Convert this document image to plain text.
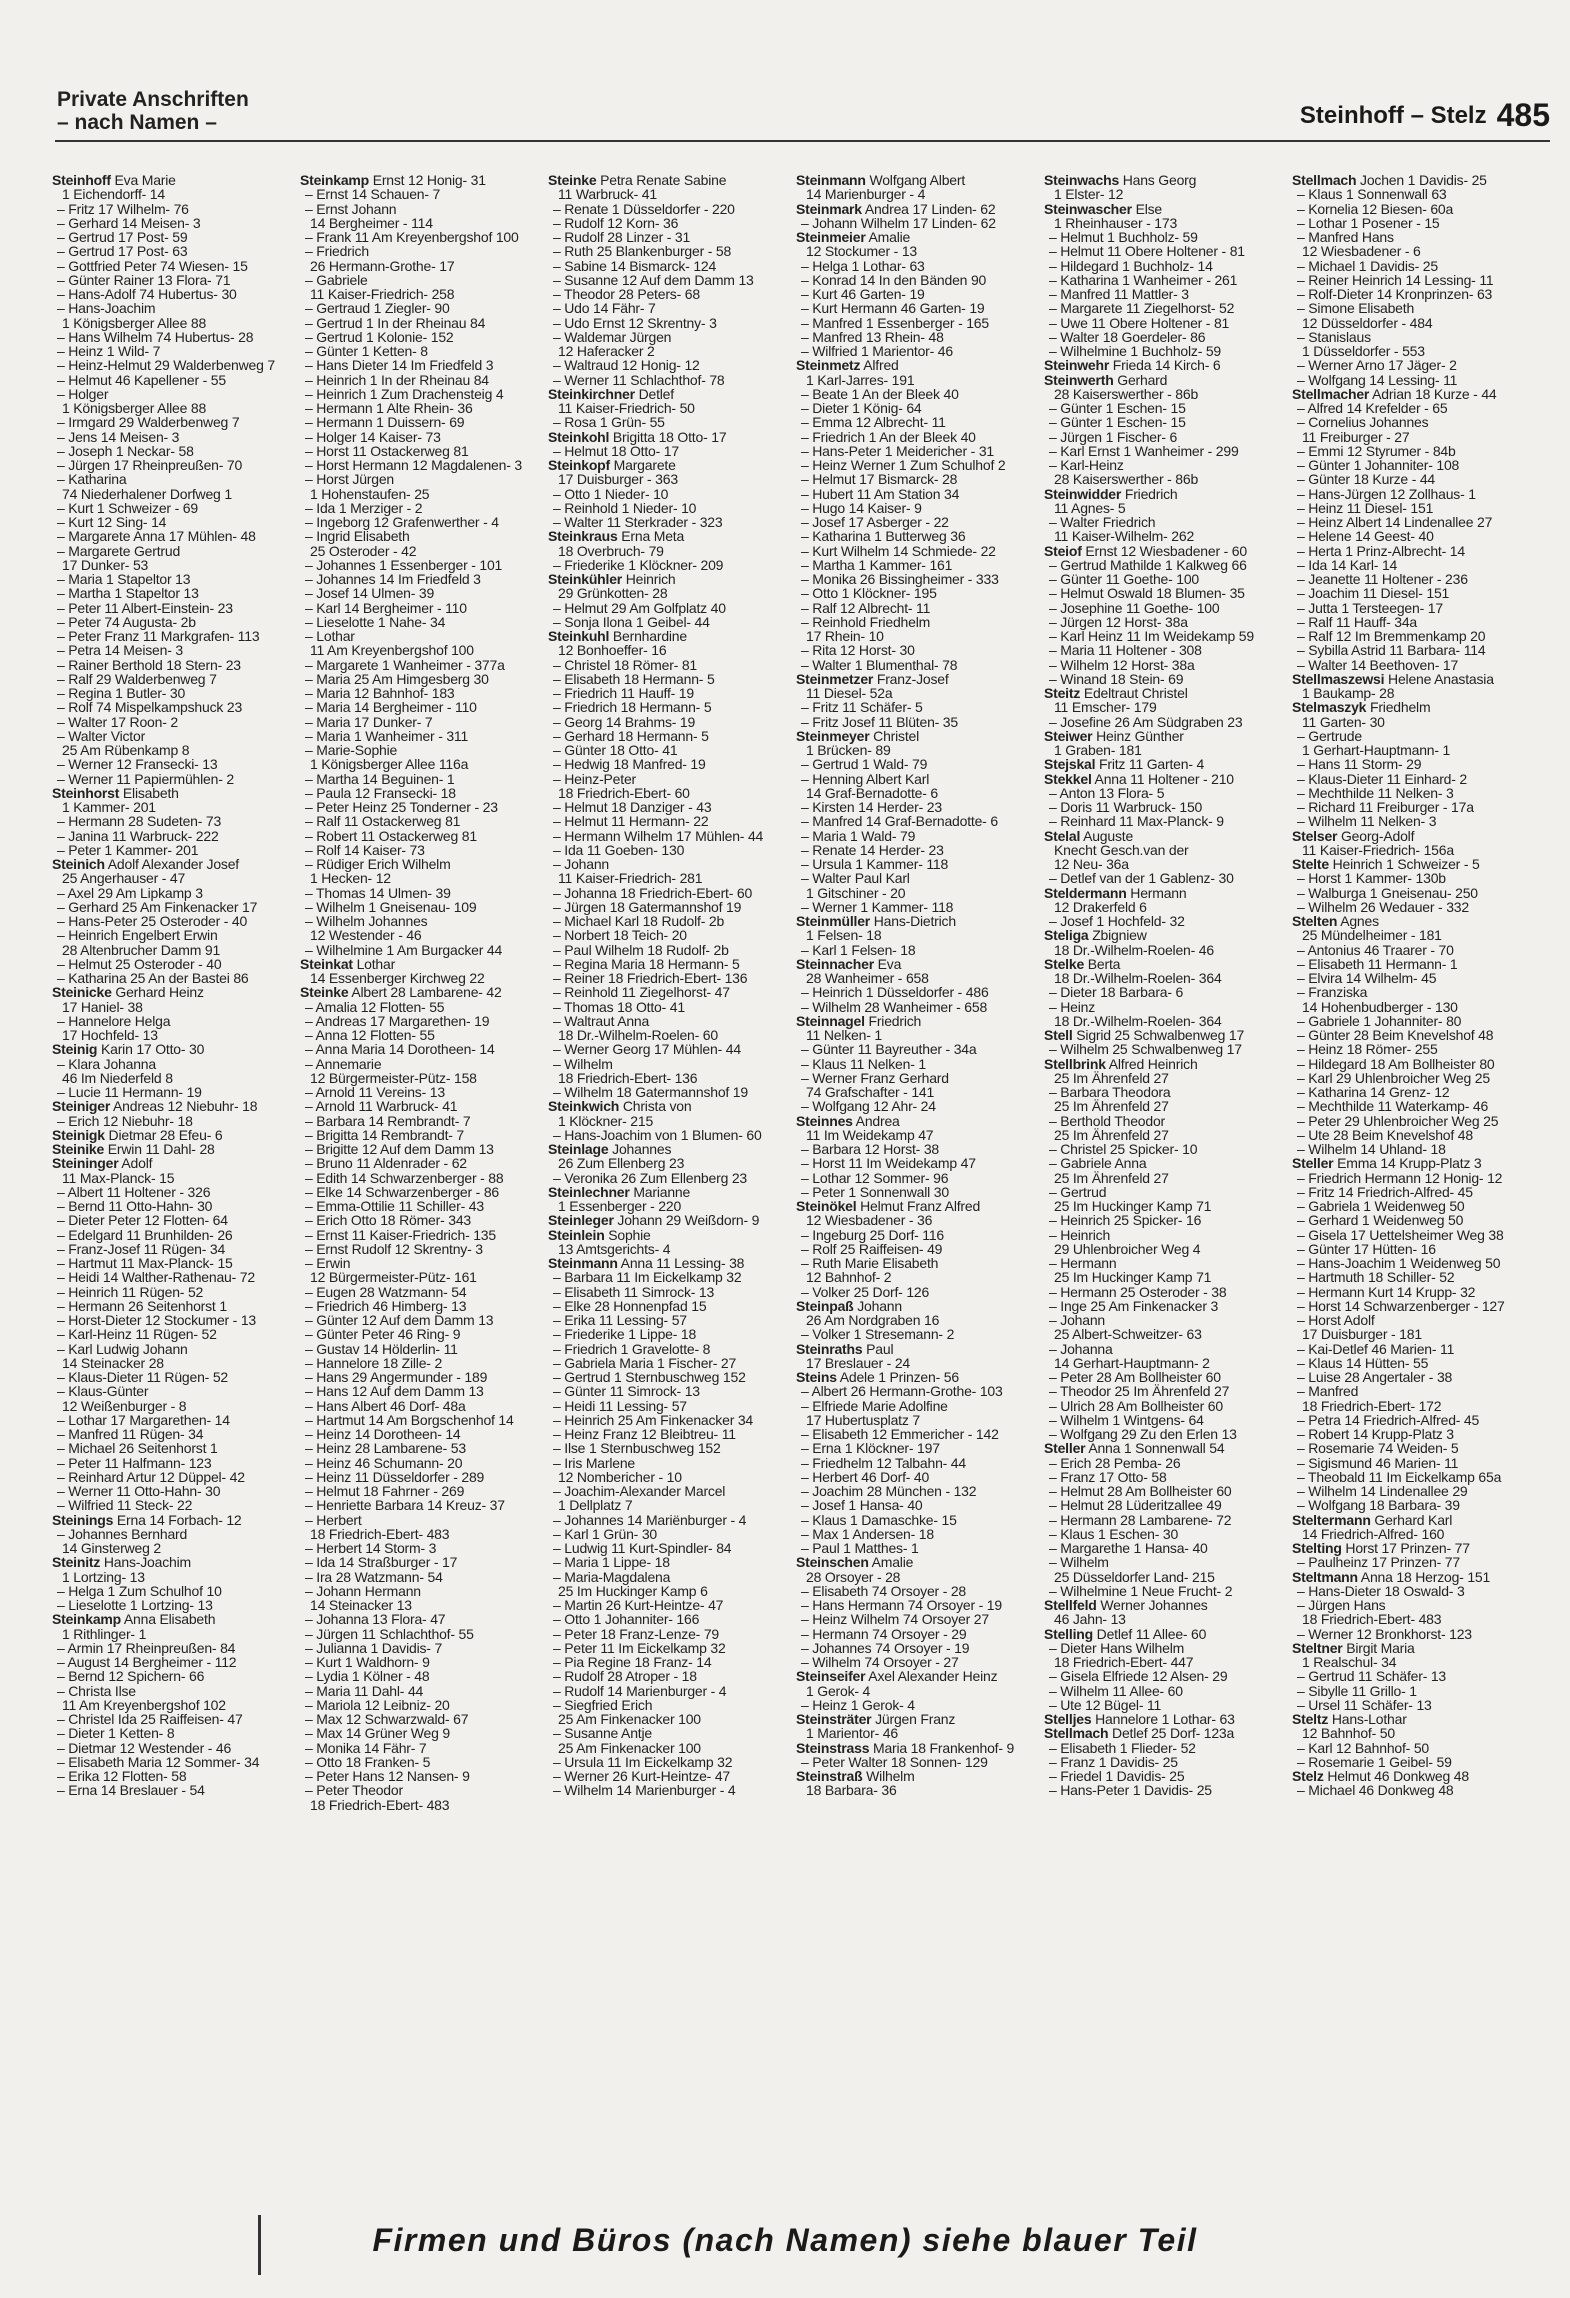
Private Anschriften
– nach Namen –	Steinhoff – Stelz 485
Steinhoff Eva Marie
1 Eichendorff- 14
– Fritz 17 Wilhelm- 76
– Gerhard 14 Meisen- 3
– Gertrud 17 Post- 59
– Gertrud 17 Post- 63
– Gottfried Peter 74 Wiesen- 15
– Günter Rainer 13 Flora- 71
– Hans-Adolf 74 Hubertus- 30
– Hans-Joachim
1 Königsberger Allee 88
– Hans Wilhelm 74 Hubertus- 28
– Heinz 1 Wild- 7
– Heinz-Helmut 29 Walderbenweg 7
– Helmut 46 Kapellener - 55
– Holger
1 Königsberger Allee 88
– Irmgard 29 Walderbenweg 7
– Jens 14 Meisen- 3
– Joseph 1 Neckar- 58
– Jürgen 17 Rheinpreußen- 70
– Katharina
74 Niederhalener Dorfweg 1
– Kurt 1 Schweizer - 69
– Kurt 12 Sing- 14
– Margarete Anna 17 Mühlen- 48
– Margarete Gertrud
17 Dunker- 53
– Maria 1 Stapeltor 13
– Martha 1 Stapeltor 13
– Peter 11 Albert-Einstein- 23
– Peter 74 Augusta- 2b
– Peter Franz 11 Markgrafen- 113
– Petra 14 Meisen- 3
– Rainer Berthold 18 Stern- 23
– Ralf 29 Walderbenweg 7
– Regina 1 Butler- 30
– Rolf 74 Mispelkampshuck 23
– Walter 17 Roon- 2
– Walter Victor
25 Am Rübenkamp 8
– Werner 12 Fransecki- 13
– Werner 11 Papiermühlen- 2
Steinhorst Elisabeth
1 Kammer- 201
– Hermann 28 Sudeten- 73
– Janina 11 Warbruck- 222
– Peter 1 Kammer- 201
Steinich Adolf Alexander Josef
25 Angerhauser - 47
– Axel 29 Am Lipkamp 3
– Gerhard 25 Am Finkenacker 17
– Hans-Peter 25 Osteroder - 40
– Heinrich Engelbert Erwin
28 Altenbrucher Damm 91
– Helmut 25 Osteroder - 40
– Katharina 25 An der Bastei 86
Steinicke Gerhard Heinz
17 Haniel- 38
– Hannelore Helga
17 Hochfeld- 13
Steinig Karin 17 Otto- 30
– Klara Johanna
46 Im Niederfeld 8
– Lucie 11 Hermann- 19
Steiniger Andreas 12 Niebuhr- 18
– Erich 12 Niebuhr- 18
Steinigk Dietmar 28 Efeu- 6
Steinike Erwin 11 Dahl- 28
Steininger Adolf
11 Max-Planck- 15
– Albert 11 Holtener - 326
– Bernd 11 Otto-Hahn- 30
– Dieter Peter 12 Flotten- 64
– Edelgard 11 Brunhilden- 26
– Franz-Josef 11 Rügen- 34
– Hartmut 11 Max-Planck- 15
– Heidi 14 Walther-Rathenau- 72
– Heinrich 11 Rügen- 52
– Hermann 26 Seitenhorst 1
– Horst-Dieter 12 Stockumer - 13
– Karl-Heinz 11 Rügen- 52
– Karl Ludwig Johann
14 Steinacker 28
– Klaus-Dieter 11 Rügen- 52
– Klaus-Günter
12 Weißenburger - 8
– Lothar 17 Margarethen- 14
– Manfred 11 Rügen- 34
– Michael 26 Seitenhorst 1
– Peter 11 Halfmann- 123
– Reinhard Artur 12 Düppel- 42
– Werner 11 Otto-Hahn- 30
– Wilfried 11 Steck- 22
Steinings Erna 14 Forbach- 12
– Johannes Bernhard
14 Ginsterweg 2
Steinitz Hans-Joachim
1 Lortzing- 13
– Helga 1 Zum Schulhof 10
– Lieselotte 1 Lortzing- 13
Steinkamp Anna Elisabeth
1 Rithlinger- 1
– Armin 17 Rheinpreußen- 84
– August 14 Bergheimer - 112
– Bernd 12 Spichern- 66
– Christa Ilse
11 Am Kreyenbergshof 102
– Christel Ida 25 Raiffeisen- 47
– Dieter 1 Ketten- 8
– Dietmar 12 Westender - 46
– Elisabeth Maria 12 Sommer- 34
– Erika 12 Flotten- 58
– Erna 14 Breslauer - 54
Steinkamp Ernst 12 Honig- 31
– Ernst 14 Schauen- 7
– Ernst Johann
14 Bergheimer - 114
– Frank 11 Am Kreyenbergshof 100
– Friedrich
26 Hermann-Grothe- 17
– Gabriele
11 Kaiser-Friedrich- 258
– Gertraud 1 Ziegler- 90
– Gertrud 1 In der Rheinau 84
– Gertrud 1 Kolonie- 152
– Günter 1 Ketten- 8
– Hans Dieter 14 Im Friedfeld 3
– Heinrich 1 In der Rheinau 84
– Heinrich 1 Zum Drachensteig 4
– Hermann 1 Alte Rhein- 36
– Hermann 1 Duissern- 69
– Holger 14 Kaiser- 73
– Horst 11 Ostackerweg 81
– Horst Hermann 12 Magdalenen- 3
– Horst Jürgen
1 Hohenstaufen- 25
– Ida 1 Merziger - 2
– Ingeborg 12 Grafenwerther - 4
– Ingrid Elisabeth
25 Osteroder - 42
– Johannes 1 Essenberger - 101
– Johannes 14 Im Friedfeld 3
– Josef 14 Ulmen- 39
– Karl 14 Bergheimer - 110
– Lieselotte 1 Nahe- 34
– Lothar
11 Am Kreyenbergshof 100
– Margarete 1 Wanheimer - 377a
– Maria 25 Am Himgesberg 30
– Maria 12 Bahnhof- 183
– Maria 14 Bergheimer - 110
– Maria 17 Dunker- 7
– Maria 1 Wanheimer - 311
– Marie-Sophie
1 Königsberger Allee 116a
– Martha 14 Beguinen- 1
– Paula 12 Fransecki- 18
– Peter Heinz 25 Tonderner - 23
– Ralf 11 Ostackerweg 81
– Robert 11 Ostackerweg 81
– Rolf 14 Kaiser- 73
– Rüdiger Erich Wilhelm
1 Hecken- 12
– Thomas 14 Ulmen- 39
– Wilhelm 1 Gneisenau- 109
– Wilhelm Johannes
12 Westender - 46
– Wilhelmine 1 Am Burgacker 44
Steinkat Lothar
14 Essenberger Kirchweg 22
Steinke Albert 28 Lambarene- 42
– Amalia 12 Flotten- 55
– Andreas 17 Margarethen- 19
– Anna 12 Flotten- 55
– Anna Maria 14 Dorotheen- 14
– Annemarie
12 Bürgermeister-Pütz- 158
– Arnold 11 Vereins- 13
– Arnold 11 Warbruck- 41
– Barbara 14 Rembrandt- 7
– Brigitta 14 Rembrandt- 7
– Brigitte 12 Auf dem Damm 13
– Bruno 11 Aldenrader - 62
– Edith 14 Schwarzenberger - 88
– Elke 14 Schwarzenberger - 86
– Emma-Ottilie 11 Schiller- 43
– Erich Otto 18 Römer- 343
– Ernst 11 Kaiser-Friedrich- 135
– Ernst Rudolf 12 Skrentny- 3
– Erwin
12 Bürgermeister-Pütz- 161
– Eugen 28 Watzmann- 54
– Friedrich 46 Himberg- 13
– Günter 12 Auf dem Damm 13
– Günter Peter 46 Ring- 9
– Gustav 14 Hölderlin- 11
– Hannelore 18 Zille- 2
– Hans 29 Angermunder - 189
– Hans 12 Auf dem Damm 13
– Hans Albert 46 Dorf- 48a
– Hartmut 14 Am Borgschenhof 14
– Heinz 14 Dorotheen- 14
– Heinz 28 Lambarene- 53
– Heinz 46 Schumann- 20
– Heinz 11 Düsseldorfer - 289
– Helmut 18 Fahrner - 269
– Henriette Barbara 14 Kreuz- 37
– Herbert
18 Friedrich-Ebert- 483
– Herbert 14 Storm- 3
– Ida 14 Straßburger - 17
– Ira 28 Watzmann- 54
– Johann Hermann
14 Steinacker 13
– Johanna 13 Flora- 47
– Jürgen 11 Schlachthof- 55
– Julianna 1 Davidis- 7
– Kurt 1 Waldhorn- 9
– Lydia 1 Kölner - 48
– Maria 11 Dahl- 44
– Mariola 12 Leibniz- 20
– Max 12 Schwarzwald- 67
– Max 14 Grüner Weg 9
– Monika 14 Fähr- 7
– Otto 18 Franken- 5
– Peter Hans 12 Nansen- 9
– Peter Theodor
18 Friedrich-Ebert- 483
Steinke Petra Renate Sabine
11 Warbruck- 41
– Renate 1 Düsseldorfer - 220
– Rudolf 12 Korn- 36
– Rudolf 28 Linzer - 31
– Ruth 25 Blankenburger - 58
– Sabine 14 Bismarck- 124
– Susanne 12 Auf dem Damm 13
– Theodor 28 Peters- 68
– Udo 14 Fähr- 7
– Udo Ernst 12 Skrentny- 3
– Waldemar Jürgen
12 Haferacker 2
– Waltraud 12 Honig- 12
– Werner 11 Schlachthof- 78
Steinkirchner Detlef
11 Kaiser-Friedrich- 50
– Rosa 1 Grün- 55
Steinkohl Brigitta 18 Otto- 17
– Helmut 18 Otto- 17
Steinkopf Margarete
17 Duisburger - 363
– Otto 1 Nieder- 10
– Reinhold 1 Nieder- 10
– Walter 11 Sterkrader - 323
Steinkraus Erna Meta
18 Overbruch- 79
– Friederike 1 Klöckner- 209
Steinkühler Heinrich
29 Grünkotten- 28
– Helmut 29 Am Golfplatz 40
– Sonja Ilona 1 Geibel- 44
Steinkuhl Bernhardine
12 Bonhoeffer- 16
– Christel 18 Römer- 81
– Elisabeth 18 Hermann- 5
– Friedrich 11 Hauff- 19
– Friedrich 18 Hermann- 5
– Georg 14 Brahms- 19
– Gerhard 18 Hermann- 5
– Günter 18 Otto- 41
– Hedwig 18 Manfred- 19
– Heinz-Peter
18 Friedrich-Ebert- 60
– Helmut 18 Danziger - 43
– Helmut 11 Hermann- 22
– Hermann Wilhelm 17 Mühlen- 44
– Ida 11 Goeben- 130
– Johann
11 Kaiser-Friedrich- 281
– Johanna 18 Friedrich-Ebert- 60
– Jürgen 18 Gatermannshof 19
– Michael Karl 18 Rudolf- 2b
– Norbert 18 Teich- 20
– Paul Wilhelm 18 Rudolf- 2b
– Regina Maria 18 Hermann- 5
– Reiner 18 Friedrich-Ebert- 136
– Reinhold 11 Ziegelhorst- 47
– Thomas 18 Otto- 41
– Waltraut Anna
18 Dr.-Wilhelm-Roelen- 60
– Werner Georg 17 Mühlen- 44
– Wilhelm
18 Friedrich-Ebert- 136
– Wilhelm 18 Gatermannshof 19
Steinkwich Christa von
1 Klöckner- 215
– Hans-Joachim von 1 Blumen- 60
Steinlage Johannes
26 Zum Ellenberg 23
– Veronika 26 Zum Ellenberg 23
Steinlechner Marianne
1 Essenberger - 220
Steinleger Johann 29 Weißdorn- 9
Steinlein Sophie
13 Amtsgerichts- 4
Steinmann Anna 11 Lessing- 38
– Barbara 11 Im Eickelkamp 32
– Elisabeth 11 Simrock- 13
– Elke 28 Honnenpfad 15
– Erika 11 Lessing- 57
– Friederike 1 Lippe- 18
– Friedrich 1 Gravelotte- 8
– Gabriela Maria 1 Fischer- 27
– Gertrud 1 Sternbuschweg 152
– Günter 11 Simrock- 13
– Heidi 11 Lessing- 57
– Heinrich 25 Am Finkenacker 34
– Heinz Franz 12 Bleibtreu- 11
– Ilse 1 Sternbuschweg 152
– Iris Marlene
12 Nombericher - 10
– Joachim-Alexander Marcel
1 Dellplatz 7
– Johannes 14 Mariënburger - 4
– Karl 1 Grün- 30
– Ludwig 11 Kurt-Spindler- 84
– Maria 1 Lippe- 18
– Maria-Magdalena
25 Im Huckinger Kamp 6
– Martin 26 Kurt-Heintze- 47
– Otto 1 Johanniter- 166
– Peter 18 Franz-Lenze- 79
– Peter 11 Im Eickelkamp 32
– Pia Regine 18 Franz- 14
– Rudolf 28 Atroper - 18
– Rudolf 14 Marienburger - 4
– Siegfried Erich
25 Am Finkenacker 100
– Susanne Antje
25 Am Finkenacker 100
– Ursula 11 Im Eickelkamp 32
– Werner 26 Kurt-Heintze- 47
– Wilhelm 14 Marienburger - 4
Steinmann Wolfgang Albert
14 Marienburger - 4
Steinmark Andrea 17 Linden- 62
– Johann Wilhelm 17 Linden- 62
Steinmeier Amalie
12 Stockumer - 13
– Helga 1 Lothar- 63
– Konrad 14 In den Bänden 90
– Kurt 46 Garten- 19
– Kurt Hermann 46 Garten- 19
– Manfred 1 Essenberger - 165
– Manfred 13 Rhein- 48
– Wilfried 1 Marientor- 46
Steinmetz Alfred
1 Karl-Jarres- 191
– Beate 1 An der Bleek 40
– Dieter 1 König- 64
– Emma 12 Albrecht- 11
– Friedrich 1 An der Bleek 40
– Hans-Peter 1 Meidericher - 31
– Heinz Werner 1 Zum Schulhof 2
– Helmut 17 Bismarck- 28
– Hubert 11 Am Station 34
– Hugo 14 Kaiser- 9
– Josef 17 Asberger - 22
– Katharina 1 Butterweg 36
– Kurt Wilhelm 14 Schmiede- 22
– Martha 1 Kammer- 161
– Monika 26 Bissingheimer - 333
– Otto 1 Klöckner- 195
– Ralf 12 Albrecht- 11
– Reinhold Friedhelm
17 Rhein- 10
– Rita 12 Horst- 30
– Walter 1 Blumenthal- 78
Steinmetzer Franz-Josef
11 Diesel- 52a
– Fritz 11 Schäfer- 5
– Fritz Josef 11 Blüten- 35
Steinmeyer Christel
1 Brücken- 89
– Gertrud 1 Wald- 79
– Henning Albert Karl
14 Graf-Bernadotte- 6
– Kirsten 14 Herder- 23
– Manfred 14 Graf-Bernadotte- 6
– Maria 1 Wald- 79
– Renate 14 Herder- 23
– Ursula 1 Kammer- 118
– Walter Paul Karl
1 Gitschiner - 20
– Werner 1 Kammer- 118
Steinmüller Hans-Dietrich
1 Felsen- 18
– Karl 1 Felsen- 18
Steinnacher Eva
28 Wanheimer - 658
– Heinrich 1 Düsseldorfer - 486
– Wilhelm 28 Wanheimer - 658
Steinnagel Friedrich
11 Nelken- 1
– Günter 11 Bayreuther - 34a
– Klaus 11 Nelken- 1
– Werner Franz Gerhard
74 Grafschafter - 141
– Wolfgang 12 Ahr- 24
Steinnes Andrea
11 Im Weidekamp 47
– Barbara 12 Horst- 38
– Horst 11 Im Weidekamp 47
– Lothar 12 Sommer- 96
– Peter 1 Sonnenwall 30
Steinökel Helmut Franz Alfred
12 Wiesbadener - 36
– Ingeburg 25 Dorf- 116
– Rolf 25 Raiffeisen- 49
– Ruth Marie Elisabeth
12 Bahnhof- 2
– Volker 25 Dorf- 126
Steinpaß Johann
26 Am Nordgraben 16
– Volker 1 Stresemann- 2
Steinraths Paul
17 Breslauer - 24
Steins Adele 1 Prinzen- 56
– Albert 26 Hermann-Grothe- 103
– Elfriede Marie Adolfine
17 Hubertusplatz 7
– Elisabeth 12 Emmericher - 142
– Erna 1 Klöckner- 197
– Friedhelm 12 Talbahn- 44
– Herbert 46 Dorf- 40
– Joachim 28 München - 132
– Josef 1 Hansa- 40
– Klaus 1 Damaschke- 15
– Max 1 Andersen- 18
– Paul 1 Matthes- 1
Steinschen Amalie
28 Orsoyer - 28
– Elisabeth 74 Orsoyer - 28
– Hans Hermann 74 Orsoyer - 19
– Heinz Wilhelm 74 Orsoyer 27
– Hermann 74 Orsoyer - 29
– Johannes 74 Orsoyer - 19
– Wilhelm 74 Orsoyer - 27
Steinseifer Axel Alexander Heinz
1 Gerok- 4
– Heinz 1 Gerok- 4
Steinsträter Jürgen Franz
1 Marientor- 46
Steinstrass Maria 18 Frankenhof- 9
– Peter Walter 18 Sonnen- 129
Steinstraß Wilhelm
18 Barbara- 36
Steinwachs Hans Georg
1 Elster- 12
Steinwascher Else
1 Rheinhauser - 173
– Helmut 1 Buchholz- 59
– Helmut 11 Obere Holtener - 81
– Hildegard 1 Buchholz- 14
– Katharina 1 Wanheimer - 261
– Manfred 11 Mattler- 3
– Margarete 11 Ziegelhorst- 52
– Uwe 11 Obere Holtener - 81
– Walter 18 Goerdeler- 86
– Wilhelmine 1 Buchholz- 59
Steinwehr Frieda 14 Kirch- 6
Steinwerth Gerhard
28 Kaiserswerther - 86b
– Günter 1 Eschen- 15
– Günter 1 Eschen- 15
– Jürgen 1 Fischer- 6
– Karl Ernst 1 Wanheimer - 299
– Karl-Heinz
28 Kaiserswerther - 86b
Steinwidder Friedrich
11 Agnes- 5
– Walter Friedrich
11 Kaiser-Wilhelm- 262
Steiof Ernst 12 Wiesbadener - 60
– Gertrud Mathilde 1 Kalkweg 66
– Günter 11 Goethe- 100
– Helmut Oswald 18 Blumen- 35
– Josephine 11 Goethe- 100
– Jürgen 12 Horst- 38a
– Karl Heinz 11 Im Weidekamp 59
– Maria 11 Holtener - 308
– Wilhelm 12 Horst- 38a
– Winand 18 Stein- 69
Steitz Edeltraut Christel
11 Emscher- 179
– Josefine 26 Am Südgraben 23
Steiwer Heinz Günther
1 Graben- 181
Stejskal Fritz 11 Garten- 4
Stekkel Anna 11 Holtener - 210
– Anton 13 Flora- 5
– Doris 11 Warbruck- 150
– Reinhard 11 Max-Planck- 9
Stelal Auguste
Knecht Gesch.van der
12 Neu- 36a
– Detlef van der 1 Gablenz- 30
Steldermann Hermann
12 Drakerfeld 6
– Josef 1 Hochfeld- 32
Steliga Zbigniew
18 Dr.-Wilhelm-Roelen- 46
Stelke Berta
18 Dr.-Wilhelm-Roelen- 364
– Dieter 18 Barbara- 6
– Heinz
18 Dr.-Wilhelm-Roelen- 364
Stell Sigrid 25 Schwalbenweg 17
– Wilhelm 25 Schwalbenweg 17
Stellbrink Alfred Heinrich
25 Im Ährenfeld 27
– Barbara Theodora
25 Im Ährenfeld 27
– Berthold Theodor
25 Im Ährenfeld 27
– Christel 25 Spicker- 10
– Gabriele Anna
25 Im Ährenfeld 27
– Gertrud
25 Im Huckinger Kamp 71
– Heinrich 25 Spicker- 16
– Heinrich
29 Uhlenbroicher Weg 4
– Hermann
25 Im Huckinger Kamp 71
– Hermann 25 Osteroder - 38
– Inge 25 Am Finkenacker 3
– Johann
25 Albert-Schweitzer- 63
– Johanna
14 Gerhart-Hauptmann- 2
– Peter 28 Am Bollheister 60
– Theodor 25 Im Ährenfeld 27
– Ulrich 28 Am Bollheister 60
– Wilhelm 1 Wintgens- 64
– Wolfgang 29 Zu den Erlen 13
Steller Anna 1 Sonnenwall 54
– Erich 28 Pemba- 26
– Franz 17 Otto- 58
– Helmut 28 Am Bollheister 60
– Helmut 28 Lüderitzallee 49
– Hermann 28 Lambarene- 72
– Klaus 1 Eschen- 30
– Margarethe 1 Hansa- 40
– Wilhelm
25 Düsseldorfer Land- 215
– Wilhelmine 1 Neue Frucht- 2
Stellfeld Werner Johannes
46 Jahn- 13
Stelling Detlef 11 Allee- 60
– Dieter Hans Wilhelm
18 Friedrich-Ebert- 447
– Gisela Elfriede 12 Alsen- 29
– Wilhelm 11 Allee- 60
– Ute 12 Bügel- 11
Stelljes Hannelore 1 Lothar- 63
Stellmach Detlef 25 Dorf- 123a
– Elisabeth 1 Flieder- 52
– Franz 1 Davidis- 25
– Friedel 1 Davidis- 25
– Hans-Peter 1 Davidis- 25
Stellmach Jochen 1 Davidis- 25
– Klaus 1 Sonnenwall 63
– Kornelia 12 Biesen- 60a
– Lothar 1 Posener - 15
– Manfred Hans
12 Wiesbadener - 6
– Michael 1 Davidis- 25
– Reiner Heinrich 14 Lessing- 11
– Rolf-Dieter 14 Kronprinzen- 63
– Simone Elisabeth
12 Düsseldorfer - 484
– Stanislaus
1 Düsseldorfer - 553
– Werner Arno 17 Jäger- 2
– Wolfgang 14 Lessing- 11
Stellmacher Adrian 18 Kurze - 44
– Alfred 14 Krefelder - 65
– Cornelius Johannes
11 Freiburger - 27
– Emmi 12 Styrumer - 84b
– Günter 1 Johanniter- 108
– Günter 18 Kurze - 44
– Hans-Jürgen 12 Zollhaus- 1
– Heinz 11 Diesel- 151
– Heinz Albert 14 Lindenallee 27
– Helene 14 Geest- 40
– Herta 1 Prinz-Albrecht- 14
– Ida 14 Karl- 14
– Jeanette 11 Holtener - 236
– Joachim 11 Diesel- 151
– Jutta 1 Tersteegen- 17
– Ralf 11 Hauff- 34a
– Ralf 12 Im Bremmenkamp 20
– Sybilla Astrid 11 Barbara- 114
– Walter 14 Beethoven- 17
Stellmaszewsi Helene Anastasia
1 Baukamp- 28
Stelmaszyk Friedhelm
11 Garten- 30
– Gertrude
1 Gerhart-Hauptmann- 1
– Hans 11 Storm- 29
– Klaus-Dieter 11 Einhard- 2
– Mechthilde 11 Nelken- 3
– Richard 11 Freiburger - 17a
– Wilhelm 11 Nelken- 3
Stelser Georg-Adolf
11 Kaiser-Friedrich- 156a
Stelte Heinrich 1 Schweizer - 5
– Horst 1 Kammer- 130b
– Walburga 1 Gneisenau- 250
– Wilhelm 26 Wedauer - 332
Stelten Agnes
25 Mündelheimer - 181
– Antonius 46 Traarer - 70
– Elisabeth 11 Hermann- 1
– Elvira 14 Wilhelm- 45
– Franziska
14 Hohenbudberger - 130
– Gabriele 1 Johanniter- 80
– Günter 28 Beim Knevelshof 48
– Heinz 18 Römer- 255
– Hildegard 18 Am Bollheister 80
– Karl 29 Uhlenbroicher Weg 25
– Katharina 14 Grenz- 12
– Mechthilde 11 Waterkamp- 46
– Peter 29 Uhlenbroicher Weg 25
– Ute 28 Beim Knevelshof 48
– Wilhelm 14 Uhland- 18
Steller Emma 14 Krupp-Platz 3
– Friedrich Hermann 12 Honig- 12
– Fritz 14 Friedrich-Alfred- 45
– Gabriela 1 Weidenweg 50
– Gerhard 1 Weidenweg 50
– Gisela 17 Uettelsheimer Weg 38
– Günter 17 Hütten- 16
– Hans-Joachim 1 Weidenweg 50
– Hartmuth 18 Schiller- 52
– Hermann Kurt 14 Krupp- 32
– Horst 14 Schwarzenberger - 127
– Horst Adolf
17 Duisburger - 181
– Kai-Detlef 46 Marien- 11
– Klaus 14 Hütten- 55
– Luise 28 Angertaler - 38
– Manfred
18 Friedrich-Ebert- 172
– Petra 14 Friedrich-Alfred- 45
– Robert 14 Krupp-Platz 3
– Rosemarie 74 Weiden- 5
– Sigismund 46 Marien- 11
– Theobald 11 Im Eickelkamp 65a
– Wilhelm 14 Lindenallee 29
– Wolfgang 18 Barbara- 39
Steltermann Gerhard Karl
14 Friedrich-Alfred- 160
Stelting Horst 17 Prinzen- 77
– Paulheinz 17 Prinzen- 77
Steltmann Anna 18 Herzog- 151
– Hans-Dieter 18 Oswald- 3
– Jürgen Hans
18 Friedrich-Ebert- 483
– Werner 12 Bronkhorst- 123
Steltner Birgit Maria
1 Realschul- 34
– Gertrud 11 Schäfer- 13
– Sibylle 11 Grillo- 1
– Ursel 11 Schäfer- 13
Steltz Hans-Lothar
12 Bahnhof- 50
– Karl 12 Bahnhof- 50
– Rosemarie 1 Geibel- 59
Stelz Helmut 46 Donkweg 48
– Michael 46 Donkweg 48
Firmen und Büros (nach Namen) siehe blauer Teil
